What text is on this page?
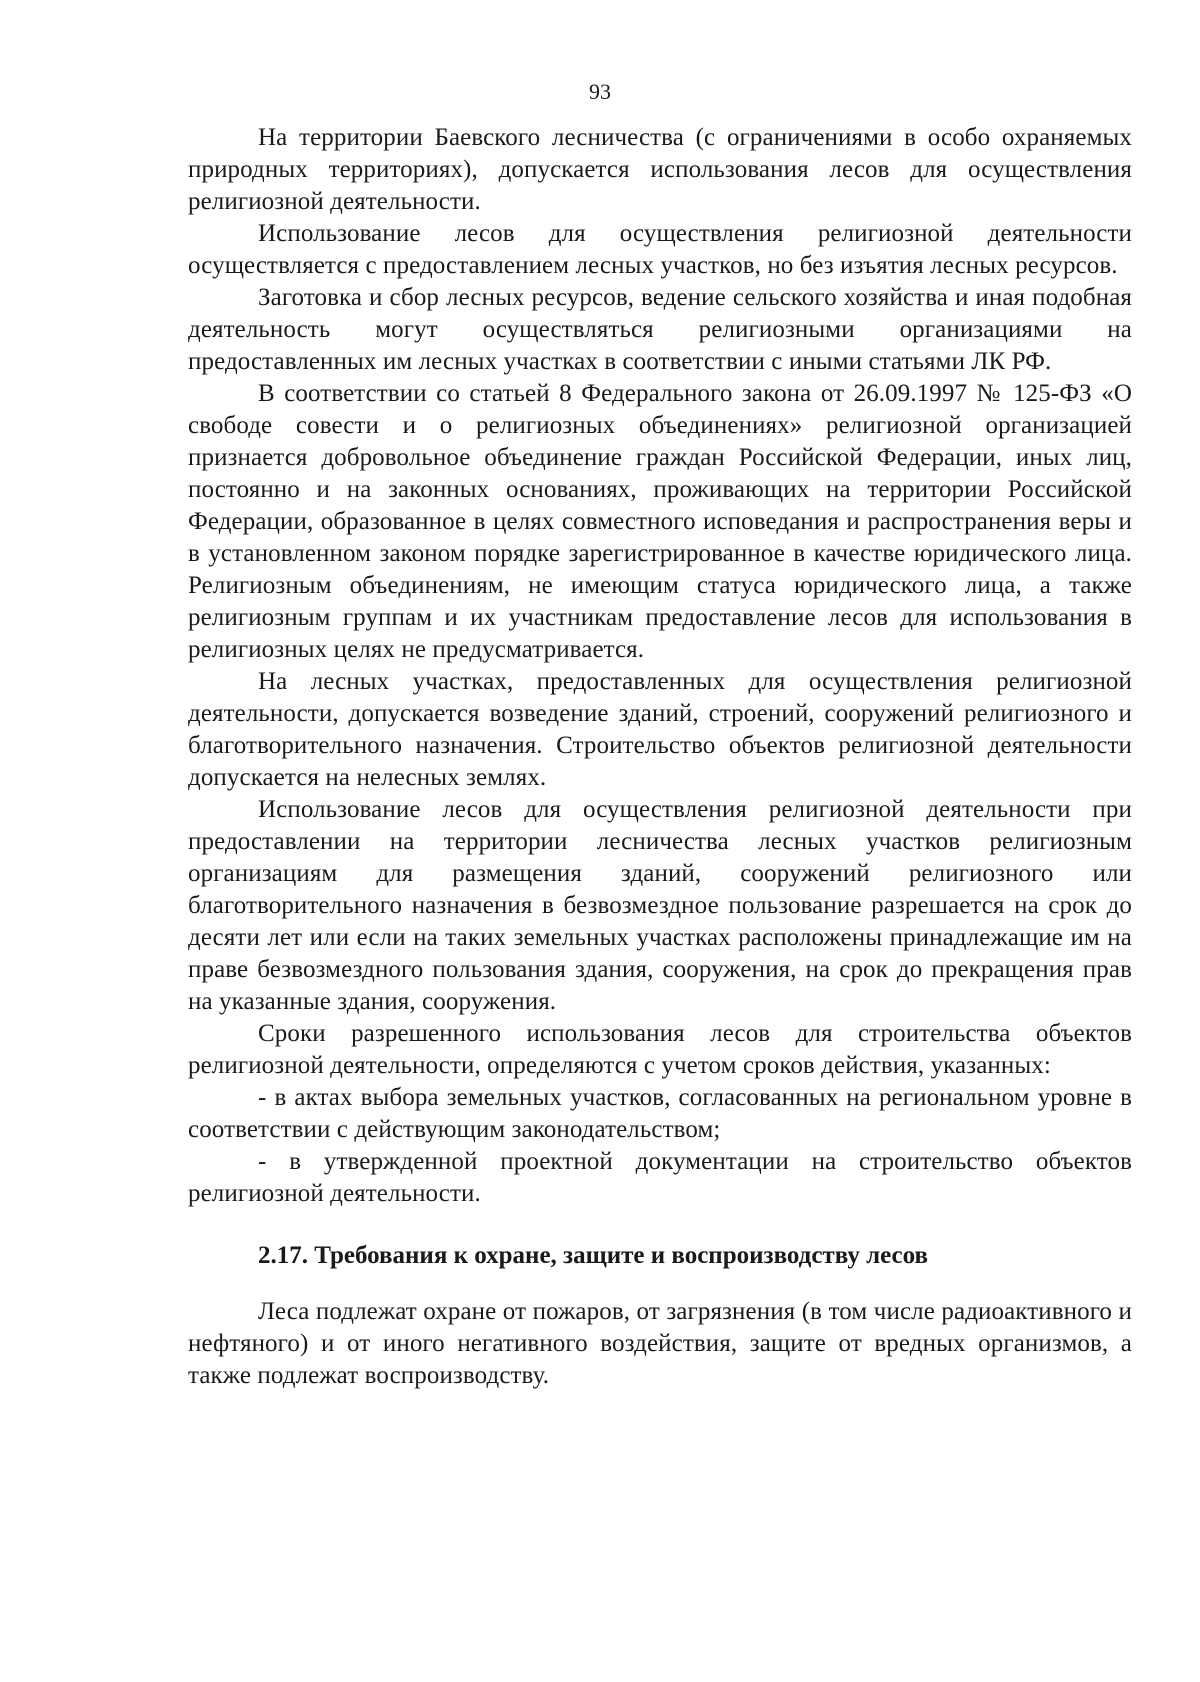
93

На территории Баевского лесничества (с ограничениями в особо охраняемых природных территориях), допускается использования лесов для осуществления религиозной деятельности.

Использование лесов для осуществления религиозной деятельности осуществляется с предоставлением лесных участков, но без изъятия лесных ресурсов.

Заготовка и сбор лесных ресурсов, ведение сельского хозяйства и иная подобная деятельность могут осуществляться религиозными организациями на предоставленных им лесных участках в соответствии с иными статьями ЛК РФ.

В соответствии со статьей 8 Федерального закона от 26.09.1997 № 125-ФЗ «О свободе совести и о религиозных объединениях» религиозной организацией признается добровольное объединение граждан Российской Федерации, иных лиц, постоянно и на законных основаниях, проживающих на территории Российской Федерации, образованное в целях совместного исповедания и распространения веры и в установленном законом порядке зарегистрированное в качестве юридического лица. Религиозным объединениям, не имеющим статуса юридического лица, а также религиозным группам и их участникам предоставление лесов для использования в религиозных целях не предусматривается.

На лесных участках, предоставленных для осуществления религиозной деятельности, допускается возведение зданий, строений, сооружений религиозного и благотворительного назначения. Строительство объектов религиозной деятельности допускается на нелесных землях.

Использование лесов для осуществления религиозной деятельности при предоставлении на территории лесничества лесных участков религиозным организациям для размещения зданий, сооружений религиозного или благотворительного назначения в безвозмездное пользование разрешается на срок до десяти лет или если на таких земельных участках расположены принадлежащие им на праве безвозмездного пользования здания, сооружения, на срок до прекращения прав на указанные здания, сооружения.

Сроки разрешенного использования лесов для строительства объектов религиозной деятельности, определяются с учетом сроков действия, указанных:

- в актах выбора земельных участков, согласованных на региональном уровне в соответствии с действующим законодательством;

- в утвержденной проектной документации на строительство объектов религиозной деятельности.

2.17. Требования к охране, защите и воспроизводству лесов

Леса подлежат охране от пожаров, от загрязнения (в том числе радиоактивного и нефтяного) и от иного негативного воздействия, защите от вредных организмов, а также подлежат воспроизводству.
